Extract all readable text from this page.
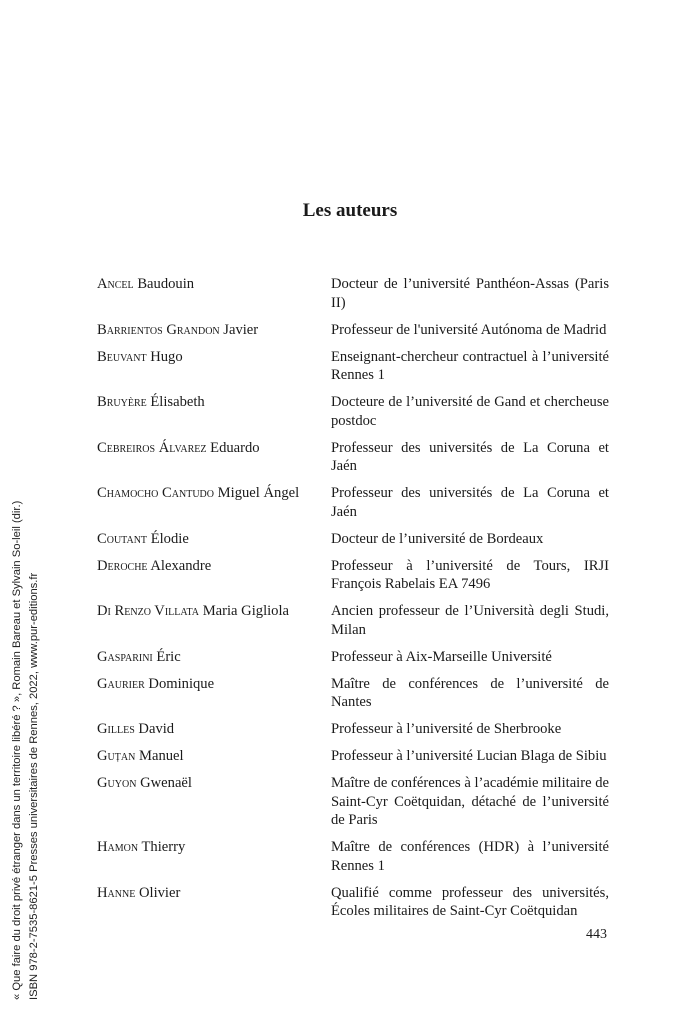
« Que faire du droit privé étranger dans un territoire libéré ? », Romain Bareau et Sylvain So-leil (dir.) ISBN 978-2-7535-8621-5 Presses universitaires de Rennes, 2022, www.pur-editions.fr
Les auteurs
Ancel Baudouin	Docteur de l’université Panthéon-Assas (Paris II)
Barrientos Grandon Javier	Professeur de l'université Autónoma de Madrid
Beuvant Hugo	Enseignant-chercheur contractuel à l’université Rennes 1
Bruyère Élisabeth	Docteure de l’université de Gand et chercheuse postdoc
Cebreiros Álvarez Eduardo	Professeur des universités de La Coruna et Jaén
Chamocho Cantudo Miguel Ángel	Professeur des universités de La Coruna et Jaén
Coutant Élodie	Docteur de l’université de Bordeaux
Deroche Alexandre	Professeur à l’université de Tours, IRJI François Rabelais EA 7496
Di Renzo Villata Maria Gigliola	Ancien professeur de l’Università degli Studi, Milan
Gasparini Éric	Professeur à Aix-Marseille Université
Gaurier Dominique	Maître de conférences de l’université de Nantes
Gilles David	Professeur à l’université de Sherbrooke
Guțan Manuel	Professeur à l’université Lucian Blaga de Sibiu
Guyon Gwenaël	Maître de conférences à l’académie militaire de Saint-Cyr Coëtquidan, détaché de l’université de Paris
Hamon Thierry	Maître de conférences (HDR) à l’université Rennes 1
Hanne Olivier	Qualifié comme professeur des universités, Écoles militaires de Saint-Cyr Coëtquidan
443
